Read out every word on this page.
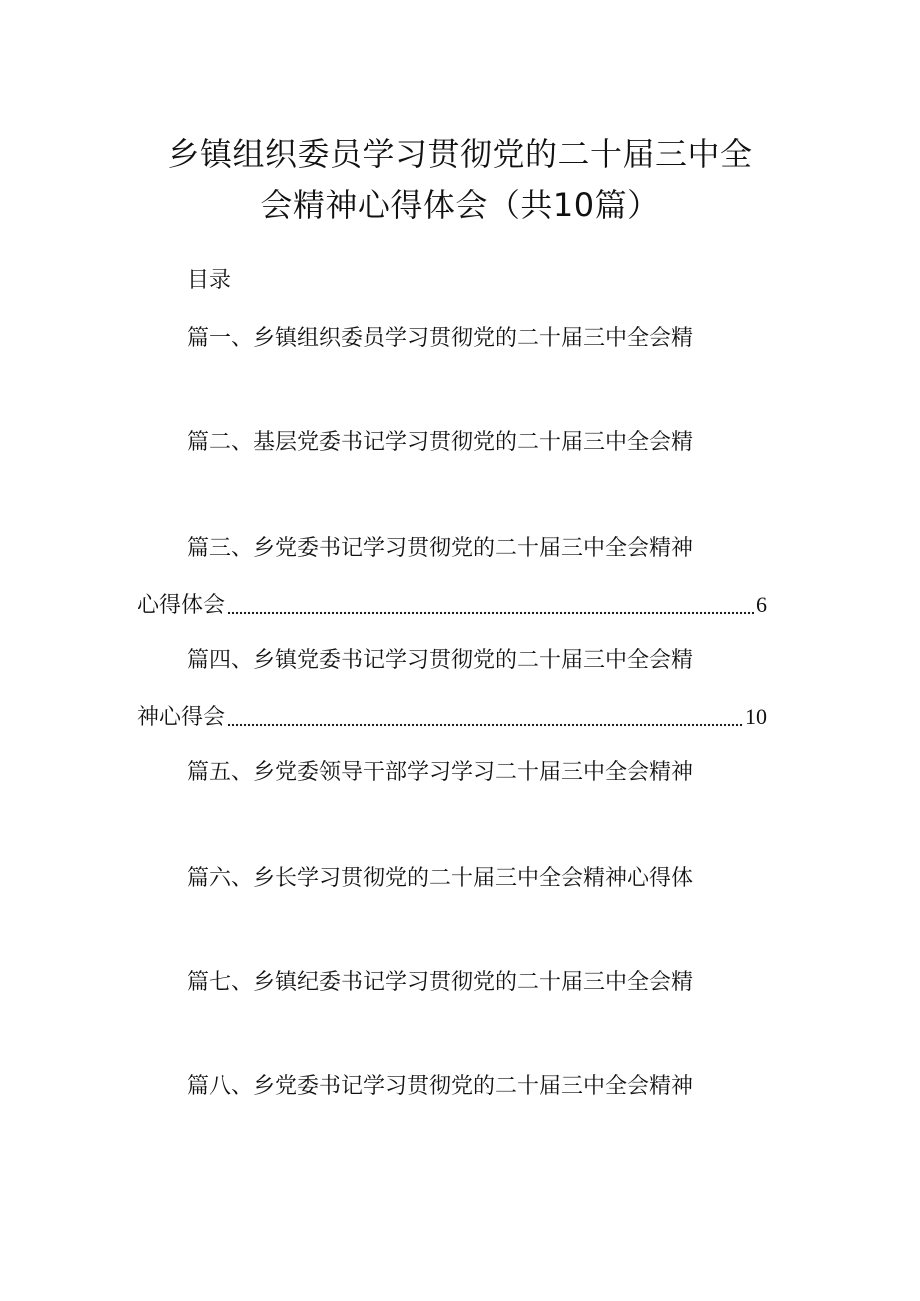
乡镇组织委员学习贯彻党的二十届三中全
会精神心得体会（共10篇）
目录
篇一、乡镇组织委员学习贯彻党的二十届三中全会精
篇二、基层党委书记学习贯彻党的二十届三中全会精
篇三、乡党委书记学习贯彻党的二十届三中全会精神
心得体会	6
篇四、乡镇党委书记学习贯彻党的二十届三中全会精
神心得会	10
篇五、乡党委领导干部学习学习二十届三中全会精神
篇六、乡长学习贯彻党的二十届三中全会精神心得体
篇七、乡镇纪委书记学习贯彻党的二十届三中全会精
篇八、乡党委书记学习贯彻党的二十届三中全会精神
